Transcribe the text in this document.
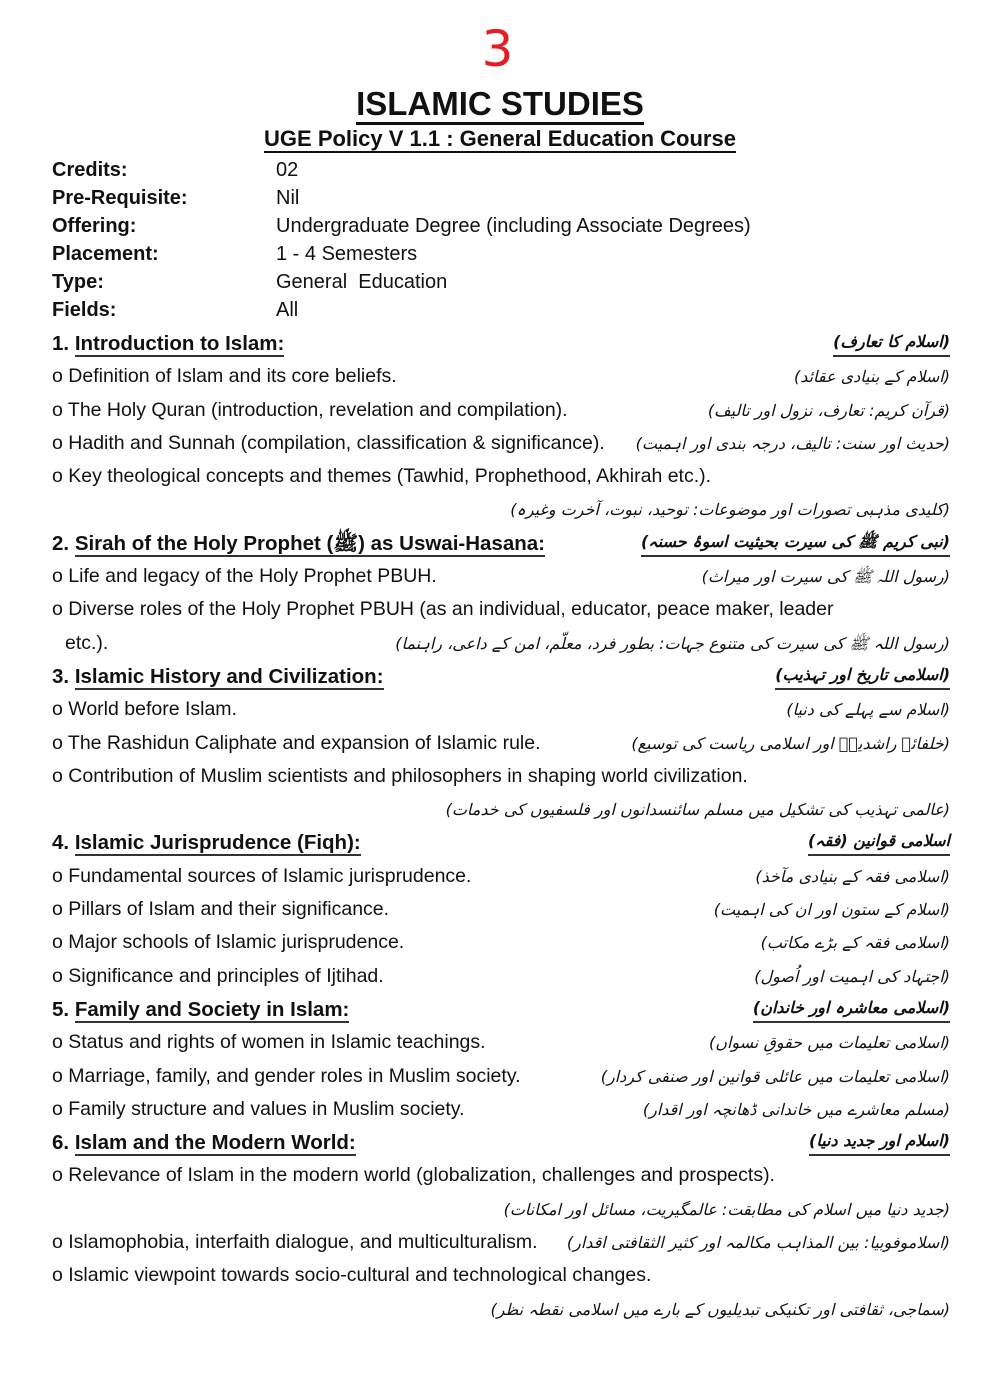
3
ISLAMIC STUDIES
UGE Policy V 1.1 : General Education Course
Credits:	02
Pre-Requisite:	Nil
Offering:	Undergraduate Degree (including Associate Degrees)
Placement:	1 - 4 Semesters
Type:	General  Education
Fields:	All
1. Introduction to Islam:	(اسلام کا تعارف)
o Definition of Islam and its core beliefs.	(اسلام کے بنیادی عقائد)
o The Holy Quran (introduction, revelation and compilation).	(قرآن کریم: تعارف، نزول اور تالیف)
o Hadith and Sunnah (compilation, classification & significance). (حدیث اور سنت: تالیف، درجہ بندی اور اہمیت)
o Key theological concepts and themes (Tawhid, Prophethood, Akhirah etc.).
(کلیدی مذہبی تصورات اور موضوعات: توحید، نبوت، آخرت وغیرہ)
2. Sirah of the Holy Prophet (ﷺ) as Uswai-Hasana:	(نبی کریم ﷺ کی سیرت بحیثیت اسوۂ حسنہ)
o Life and legacy of the Holy Prophet PBUH.	(رسول اللہ ﷺ کی سیرت اور میراث)
o Diverse roles of the Holy Prophet PBUH (as an individual, educator, peace maker, leader
etc.).	(رسول اللہ ﷺ کی سیرت کی متنوع جہات: بطور فرد، معلّم، امن کے داعی، راہنما)
3. Islamic History and Civilization:	(اسلامی تاریخ اور تہذیب)
o World before Islam.	(اسلام سے پہلے کی دنیا)
o The Rashidun Caliphate and expansion of Islamic rule.	(خلفائے راشدینؓ اور اسلامی ریاست کی توسیع)
o Contribution of Muslim scientists and philosophers in shaping world civilization.
(عالمی تہذیب کی تشکیل میں مسلم سائنسدانوں اور فلسفیوں کی خدمات)
4. Islamic Jurisprudence (Fiqh):	اسلامی قوانین (فقہ)
o Fundamental sources of Islamic jurisprudence.	(اسلامی فقہ کے بنیادی مآخذ)
o Pillars of Islam and their significance.	(اسلام کے ستون اور ان کی اہمیت)
o Major schools of Islamic jurisprudence.	(اسلامی فقہ کے بڑے مکاتب)
o Significance and principles of Ijtihad.	(اجتہاد کی اہمیت اور اُصول)
5. Family and Society in Islam:	(اسلامی معاشرہ اور خاندان)
o Status and rights of women in Islamic teachings.	(اسلامی تعلیمات میں حقوقِ نسواں)
o Marriage, family, and gender roles in Muslim society.	(اسلامی تعلیمات میں عائلی قوانین اور صنفی کردار)
o Family structure and values in Muslim society.	(مسلم معاشرے میں خاندانی ڈھانچہ اور اقدار)
6. Islam and the Modern World:	(اسلام اور جدید دنیا)
o Relevance of Islam in the modern world (globalization, challenges and prospects).
(جدید دنیا میں اسلام کی مطابقت: عالمگیریت، مسائل اور امکانات)
o Islamophobia, interfaith dialogue, and multiculturalism. (اسلاموفوبیا: بین المذاہب مکالمہ اور کثیر الثقافتی اقدار)
o Islamic viewpoint towards socio-cultural and technological changes.
(سماجی، ثقافتی اور تکنیکی تبدیلیوں کے بارے میں اسلامی نقطہ نظر)
